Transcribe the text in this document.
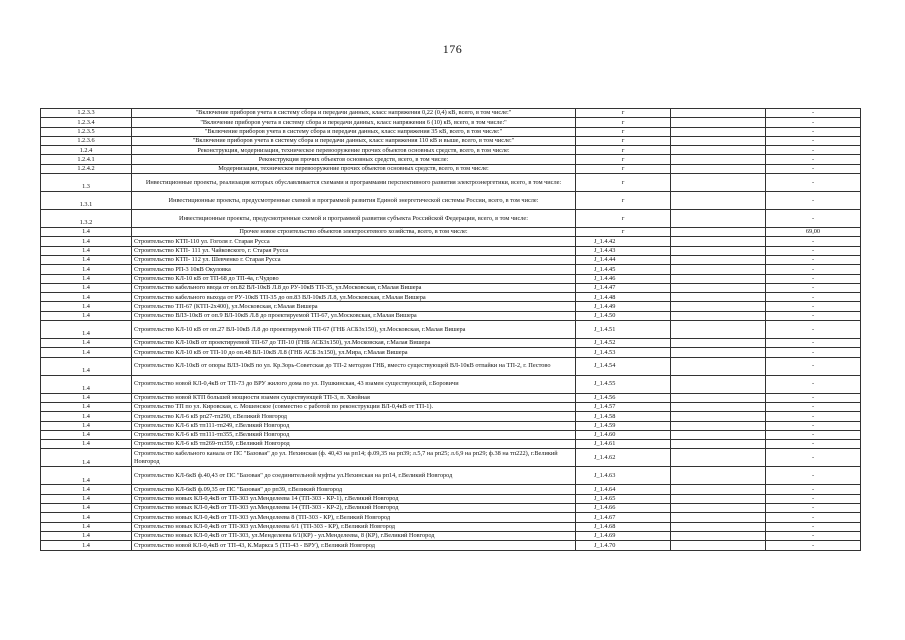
176
1.2.3.3	"Включение приборов учета в систему сбора и передачи данных, класс напряжения 0,22 (0,4) кВ, всего, в том числе:"	г		-
1.2.3.4	"Включение приборов учета в систему сбора и передачи данных, класс напряжения 6 (10) кВ, всего, в том числе:"	г		-
1.2.3.5	"Включение приборов учета в систему сбора и передачи данных, класс напряжения 35 кВ, всего, в том числе:"	г		-
1.2.3.6	"Включение приборов учета в систему сбора и передачи данных, класс напряжения 110 кВ и выше, всего, в том числе:"	г		-
1.2.4	Реконструкция, модернизация, техническое перевооружение прочих объектов основных средств, всего, в том числе:	г		-
1.2.4.1	Реконструкция прочих объектов основных средств, всего, в том числе:	г		-
1.2.4.2	Модернизация, техническое перевооружение прочих объектов основных средств, всего, в том числе:	г		-
1.3	Инвестиционные проекты, реализация которых обуславливается схемами и программами перспективного развития электроэнергетики, всего, в том числе:	г		-
1.3.1	Инвестиционные проекты, предусмотренные схемой и программой развития Единой энергетической системы России, всего, в том числе:	г		-
1.3.2	Инвестиционные проекты, предусмотренные схемой и программой развития субъекта Российской Федерации, всего, в том числе:	г		-
1.4	Прочее новое строительство объектов электросетевого хозяйства, всего, в том числе:	г		69,00
1.4	Строительство КТП-110 ул. Гоголя г. Старая Русса	J_1.4.42		-
1.4	Строительство КТП- 111 ул. Чайковского, г. Старая Русса	J_1.4.43		-
1.4	Строительство КТП- 112 ул. Шевченко г. Старая Русса	J_1.4.44		-
1.4	Строительство РП-3 10кВ Окуловка	J_1.4.45		-
1.4	Строительство КЛ-10 кВ от ТП-68 до ТП-4а, г.Чудово	J_1.4.46		-
1.4	Строительство кабельного ввода от оп.82 ВЛ-10кВ Л.8 до РУ-10кВ ТП-35, ул.Московская, г.Малая Вишера	J_1.4.47		-
1.4	Строительство кабельного выхода от РУ-10кВ ТП-35 до оп.83 ВЛ-10кВ Л.8, ул.Московская, г.Малая Вишера	J_1.4.48		-
1.4	Строительство ТП-67 (КТП-2х400), ул.Московская, г.Малая Вишера	J_1.4.49		-
1.4	Строительство ВЛЗ-10кВ от оп.9 ВЛ-10кВ Л.8 до проектируемой ТП-67, ул.Московская, г.Малая Вишера	J_1.4.50		-
1.4	Строительство КЛ-10 кВ от оп.27 ВЛ-10кВ Л.8 до проектируемой ТП-67 (ГНБ АСБ3х150), ул.Московская, г.Малая Вишера	J_1.4.51		-
1.4	Строительство КЛ-10кВ от проектируемой ТП-67 до ТП-10 (ГНБ АСБ3х150), ул.Московская, г.Малая Вишера	J_1.4.52		-
1.4	Строительство КЛ-10 кВ от ТП-10 до оп.48 ВЛ-10кВ Л.8 (ГНБ АСБ 3х150), ул.Мира, г.Малая Вишера	J_1.4.53		-
1.4	Строительство КЛ-10кВ от опоры ВЛЗ-10кВ по ул. Кр.Зорь-Советская до ТП-2 методом ГНБ, вместо существующей ВЛ-10кВ отпайки на ТП-2, г. Пестово	J_1.4.54		-
1.4	Строительство новой КЛ-0,4кВ от ТП-73 до ВРУ жилого дома по ул. Пушкинская, 43 взамен существующей, г.Боровичи	J_1.4.55		-
1.4	Строительство новой КТП большей мощности взамен существующей ТП-3, п. Хвойная	J_1.4.56		-
1.4	Строительство ТП по ул. Кировская, с. Мошенское (совместно с работой по реконструкции ВЛ-0,4кВ от ТП-1).	J_1.4.57		-
1.4	Строительство КЛ-6 кВ рп27-тп290, г.Великий Новгород	J_1.4.58		-
1.4	Строительство КЛ-6 кВ тп111-тп249, г.Великий Новгород	J_1.4.59		-
1.4	Строительство КЛ-6 кВ тп111-тп355, г.Великий Новгород	J_1.4.60		-
1.4	Строительство КЛ-6 кВ тп269-тп359, г.Великий Новгород	J_1.4.61		-
1.4	Строительство кабельного канала от ПС "Базовая" до ул. Нехинская (ф. 40,43 на рп14; ф.09,35 на рп39; л.5,7 на рп25; л.6,9 на рп29; ф.38 на тп222), г.Великий Новгород	J_1.4.62		-
1.4	Строительство КЛ-6кВ ф.40,43 от ПС "Базовая" до соединительной муфты ул.Нехинская на рп14, г.Великий Новгород	J_1.4.63		-
1.4	Строительство КЛ-6кВ ф.09,35 от ПС "Базовая" до рп39, г.Великий Новгород	J_1.4.64		-
1.4	Строительство новых КЛ-0,4кВ от ТП-303 ул.Менделеева 14 (ТП-303 - КР-1), г.Великий Новгород	J_1.4.65		-
1.4	Строительство новых КЛ-0,4кВ от ТП-303 ул.Менделеева 14 (ТП-303 - КР-2), г.Великий Новгород	J_1.4.66		-
1.4	Строительство новых КЛ-0,4кВ от ТП-303 ул.Менделеева 8 (ТП-303 - КР), г.Великий Новгород	J_1.4.67		-
1.4	Строительство новых КЛ-0,4кВ от ТП-303 ул.Менделеева 6/1 (ТП-303 - КР), г.Великий Новгород	J_1.4.68		-
1.4	Строительство новых КЛ-0,4кВ от ТП-303, ул.Менделеева 6/1(КР) - ул.Менделеева, 8 (КР), г.Великий Новгород	J_1.4.69		-
1.4	Строительство новой КЛ-0,4кВ от ТП-43, К.Маркса 5 (ТП-43 - ВРУ), г.Великий Новгород	J_1.4.70		-
